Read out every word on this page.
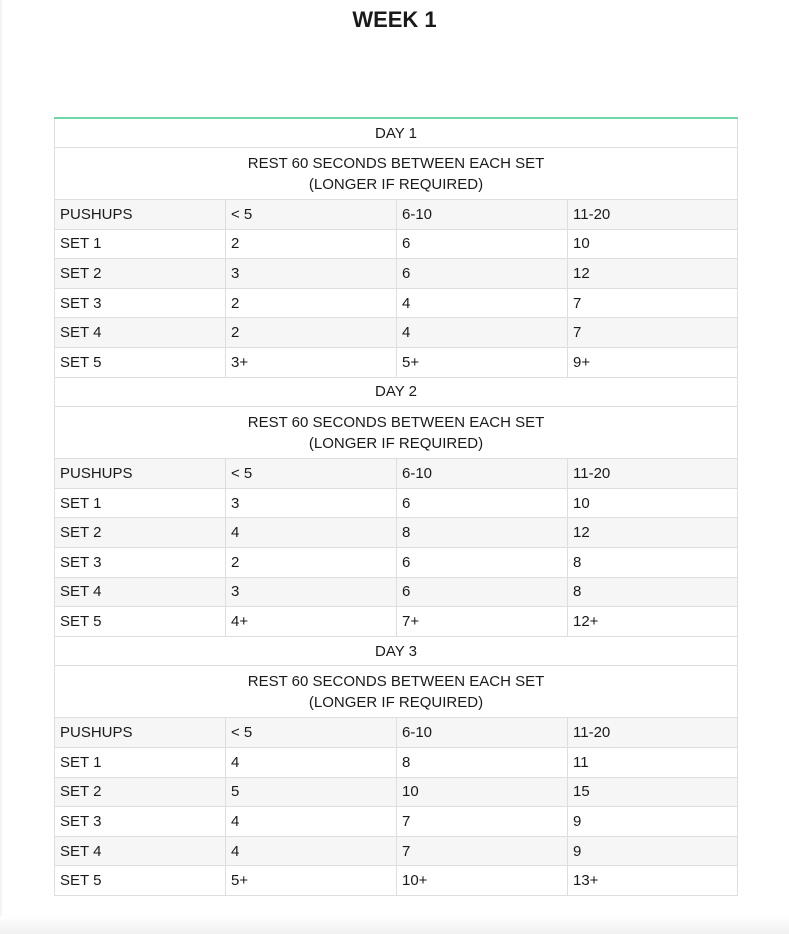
WEEK 1
DAY 1			

REST 60 SECONDS BETWEEN EACH SET
(LONGER IF REQUIRED)			

PUSHUPS	< 5	6-10	11-20
SET 1	2	6	10
SET 2	3	6	12
SET 3	2	4	7
SET 4	2	4	7
SET 5	3+	5+	9+
DAY 2			

REST 60 SECONDS BETWEEN EACH SET
(LONGER IF REQUIRED)			

PUSHUPS	< 5	6-10	11-20
SET 1	3	6	10
SET 2	4	8	12
SET 3	2	6	8
SET 4	3	6	8
SET 5	4+	7+	12+
DAY 3			

REST 60 SECONDS BETWEEN EACH SET
(LONGER IF REQUIRED)			

PUSHUPS	< 5	6-10	11-20
SET 1	4	8	11
SET 2	5	10	15
SET 3	4	7	9
SET 4	4	7	9
SET 5	5+	10+	13+
